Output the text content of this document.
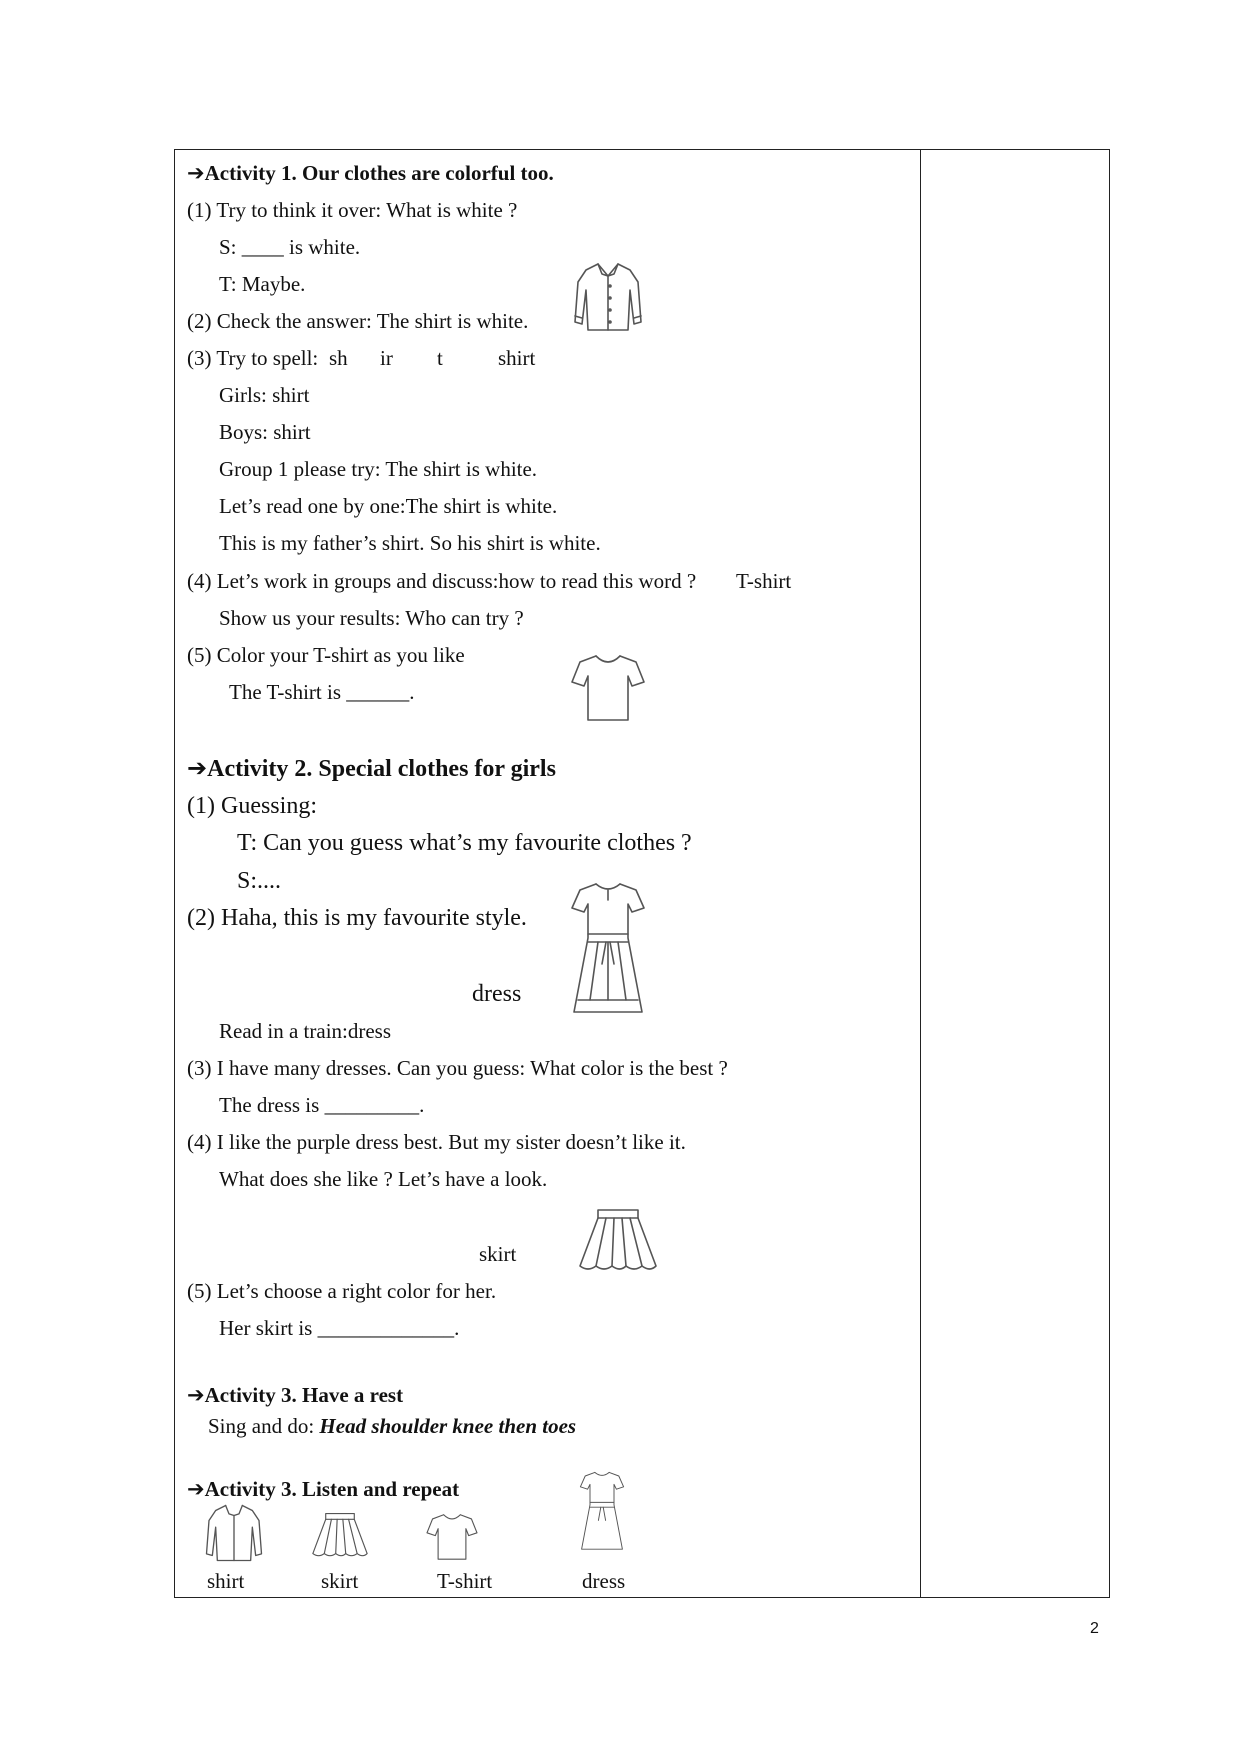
➔Activity 1. Our clothes are colorful too.
(1) Try to think it over: What is white ?
S: ____ is white.
T: Maybe.
(2) Check the answer: The shirt is white.
(3) Try to spell: sh ir t	shirt
Girls: shirt
Boys: shirt
Group 1 please try: The shirt is white.
Let’s read one by one:The shirt is white.
This is my father’s shirt. So his shirt is white.
(4) Let’s work in groups and discuss:how to read this word ? T-shirt
Show us your results: Who can try ?
(5) Color your T-shirt as you like
The T-shirt is ______.
➔Activity 2. Special clothes for girls
(1) Guessing:
T: Can you guess what’s my favourite clothes ?
S:....
(2) Haha, this is my favourite style.
dress
Read in a train:dress
(3) I have many dresses. Can you guess: What color is the best ?
The dress is _________.
(4) I like the purple dress best. But my sister doesn’t like it.
What does she like ? Let’s have a look.
skirt
(5) Let’s choose a right color for her.
Her skirt is _____________.
➔Activity 3. Have a rest
Sing and do: Head shoulder knee then toes
➔Activity 3. Listen and repeat
shirt	skirt	T-shirt	dress
2
